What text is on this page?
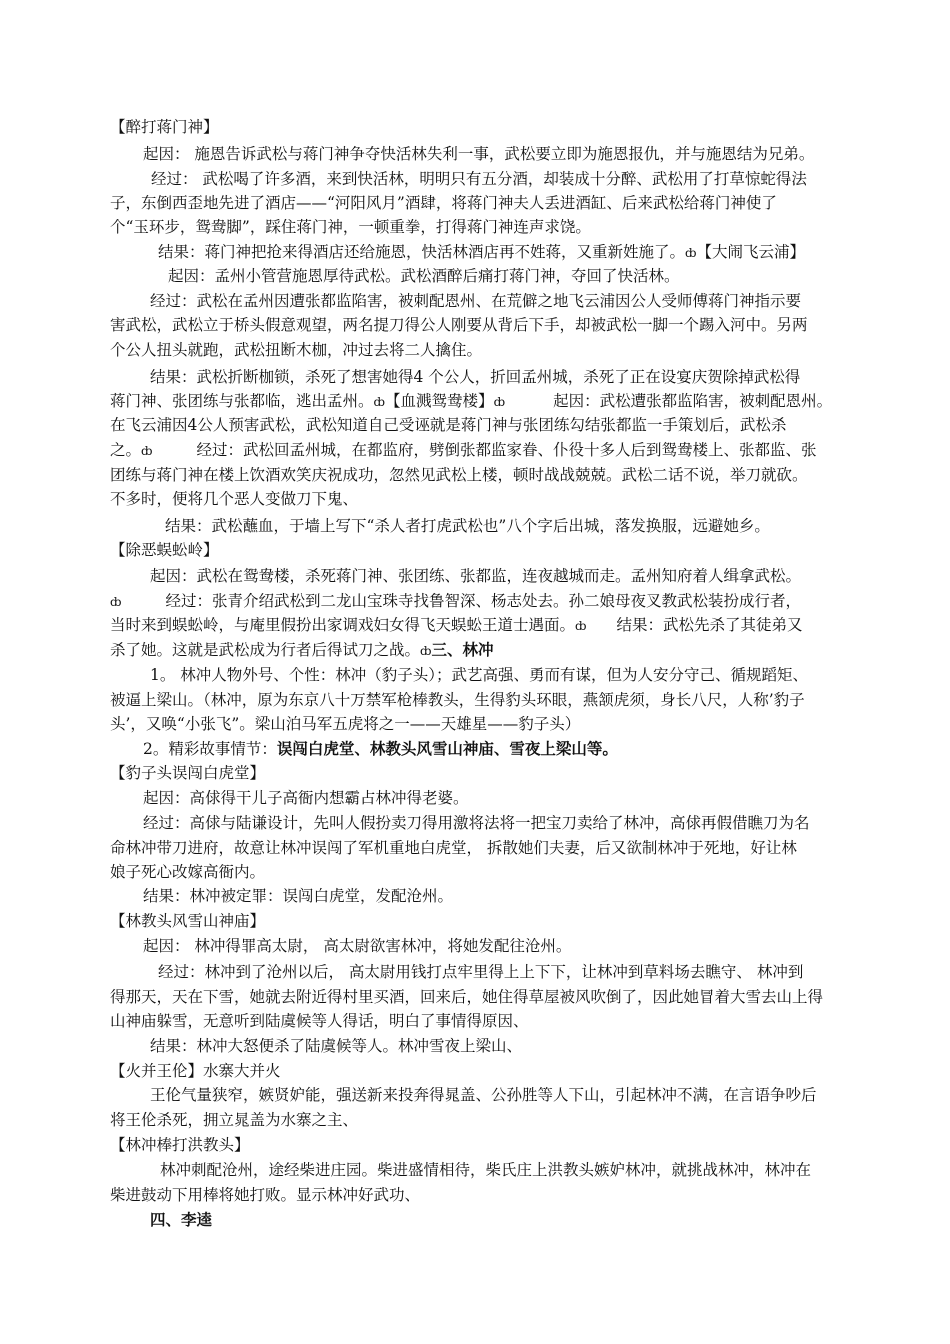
【醉打蒋门神】
起因： 施恩告诉武松与蒋门神争夺快活林失利一事，武松要立即为施恩报仇，并与施恩结为兄弟。
经过： 武松喝了许多酒，来到快活林，明明只有五分酒，却装成十分醉、武松用了打草惊蛇得法
子，东倒西歪地先进了酒店——“河阳风月”酒肆，将蒋门神夫人丢进酒缸、后来武松给蒋门神使了
个“玉环步，鸳鸯脚”，踩住蒋门神，一顿重拳，打得蒋门神连声求饶。
结果：蒋门神把抢来得酒店还给施恩，快活林酒店再不姓蒋，又重新姓施了。ȸ【大闹飞云浦】
起因：孟州小管营施恩厚待武松。武松酒醉后痛打蒋门神，夺回了快活林。
经过：武松在孟州因遭张都监陷害，被刺配恩州、在荒僻之地飞云浦因公人受师傅蒋门神指示要
害武松，武松立于桥头假意观望，两名提刀得公人刚要从背后下手，却被武松一脚一个踢入河中。另两
个公人扭头就跑，武松扭断木枷，冲过去将二人擒住。
结果：武松折断枷锁，杀死了想害她得4 个公人，折回孟州城，杀死了正在设宴庆贺除掉武松得
蒋门神、张团练与张都临，逃出孟州。ȸ【血溅鸳鸯楼】ȸ	起因：武松遭张都监陷害，被刺配恩州。
在飞云浦因4公人预害武松，武松知道自己受诬就是蒋门神与张团练勾结张都监一手策划后，武松杀
之。ȸ	经过：武松回孟州城，在都监府，劈倒张都监家眷、仆役十多人后到鸳鸯楼上、张都监、张
团练与蒋门神在楼上饮酒欢笑庆祝成功，忽然见武松上楼，顿时战战兢兢。武松二话不说，举刀就砍。
不多时，便将几个恶人变做刀下鬼、
结果：武松蘸血，于墙上写下“杀人者打虎武松也”八个字后出城，落发换服，远避她乡。
【除恶蜈蚣岭】
起因：武松在鸳鸯楼，杀死蒋门神、张团练、张都监，连夜越城而走。孟州知府着人缉拿武松。
ȸ	经过：张青介绍武松到二龙山宝珠寺找鲁智深、杨志处去。孙二娘母夜叉教武松装扮成行者，
当时来到蜈蚣岭，与庵里假扮出家调戏妇女得飞天蜈蚣王道士遇面。ȸ 结果：武松先杀了其徒弟又
杀了她。这就是武松成为行者后得试刀之战。ȸ三、林冲
1。 林冲人物外号、个性：林冲（豹子头）；武艺高强、勇而有谋，但为人安分守己、循规蹈矩、
被逼上梁山。（林冲，原为东京八十万禁军枪棒教头，生得豹头环眼，燕颔虎须，身长八尺，人称’豹子
头’，又唤“小张飞”。梁山泊马军五虎将之一——天雄星——豹子头）
2。精彩故事情节：误闯白虎堂、林教头风雪山神庙、雪夜上梁山等。
【豹子头误闯白虎堂】
起因：高俅得干儿子高衙内想霸占林冲得老婆。
经过：高俅与陆谦设计，先叫人假扮卖刀得用激将法将一把宝刀卖给了林冲，高俅再假借瞧刀为名
命林冲带刀进府，故意让林冲误闯了军机重地白虎堂， 拆散她们夫妻，后又欲制林冲于死地，好让林
娘子死心改嫁高衙内。
结果：林冲被定罪：误闯白虎堂，发配沧州。
【林教头风雪山神庙】
起因： 林冲得罪高太尉， 高太尉欲害林冲，将她发配往沧州。
经过：林冲到了沧州以后， 高太尉用钱打点牢里得上上下下，让林冲到草料场去瞧守、 林冲到
得那天，天在下雪，她就去附近得村里买酒，回来后，她住得草屋被风吹倒了，因此她冒着大雪去山上得
山神庙躲雪，无意听到陆虞候等人得话，明白了事情得原因、
结果：林冲大怒便杀了陆虞候等人。林冲雪夜上梁山、
【火并王伦】水寨大并火
王伦气量狭窄，嫉贤妒能，强送新来投奔得晁盖、公孙胜等人下山，引起林冲不满，在言语争吵后
将王伦杀死，拥立晁盖为水寨之主、
【林冲棒打洪教头】
林冲刺配沧州，途经柴进庄园。柴进盛情相待，柴氏庄上洪教头嫉妒林冲，就挑战林冲，林冲在
柴进鼓动下用棒将她打败。显示林冲好武功、
四、李逵
